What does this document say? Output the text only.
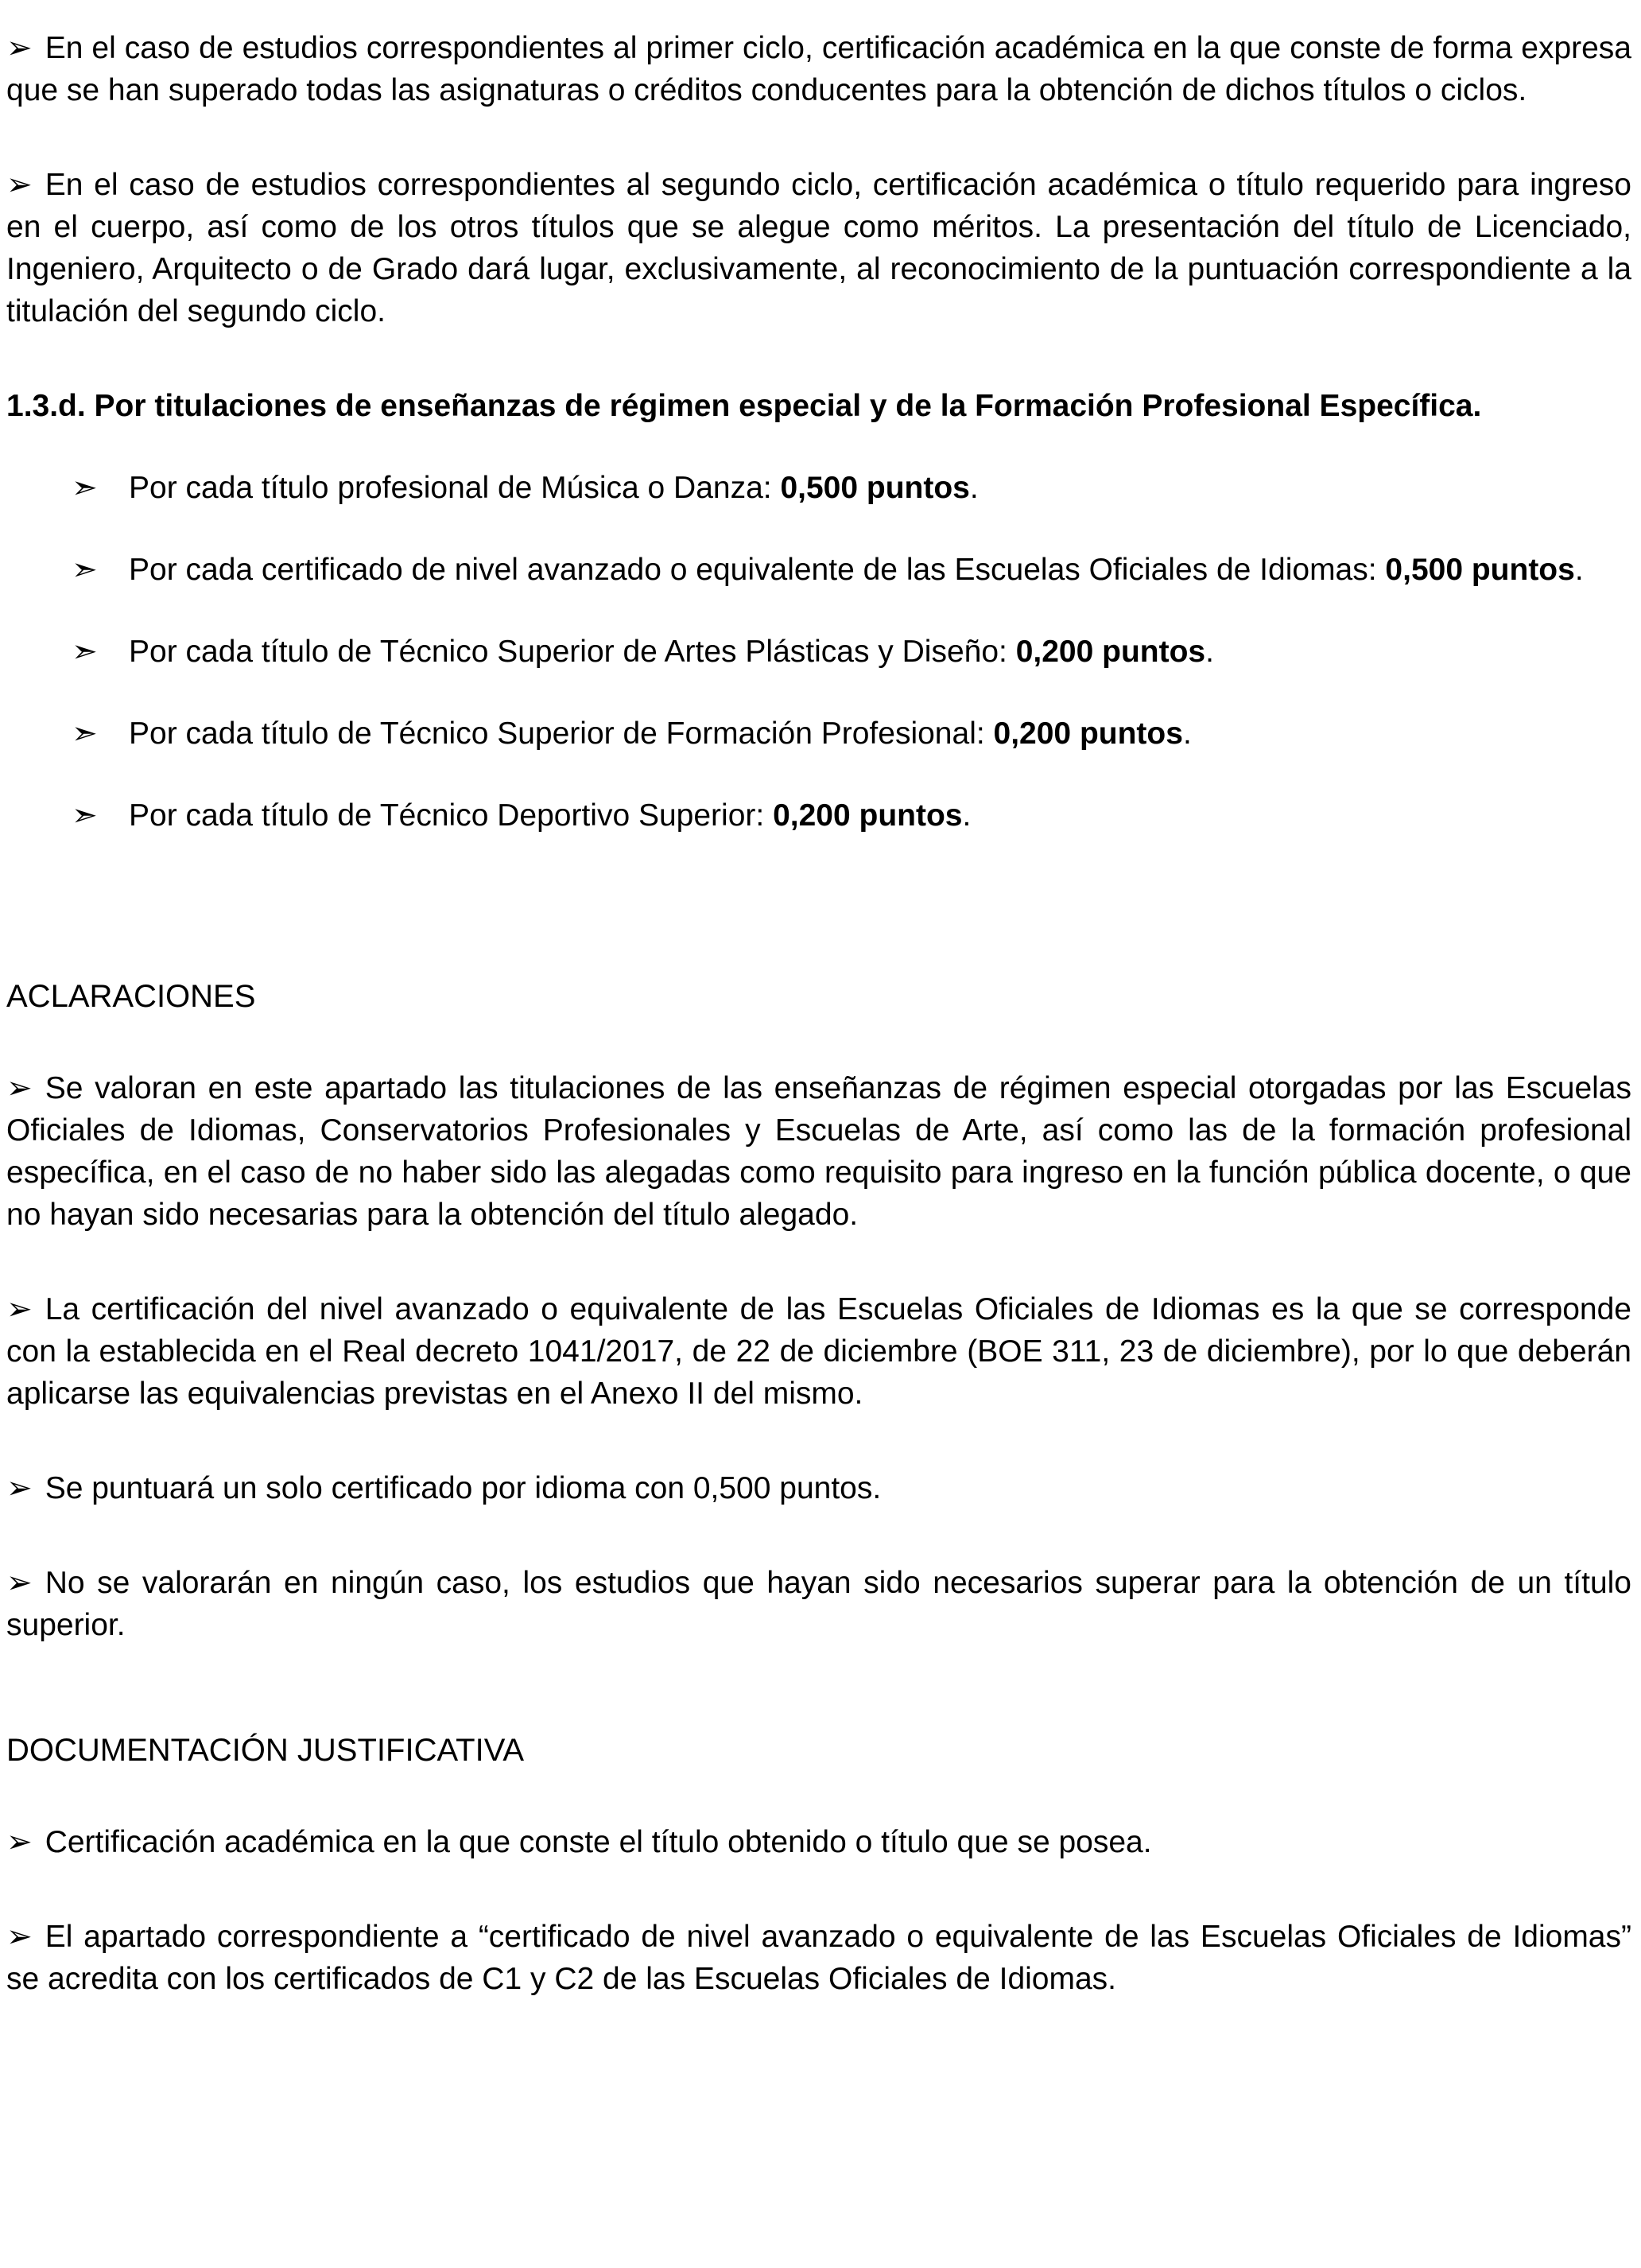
➢ En el caso de estudios correspondientes al primer ciclo, certificación académica en la que conste de forma expresa que se han superado todas las asignaturas o créditos conducentes para la obtención de dichos títulos o ciclos.

➢ En el caso de estudios correspondientes al segundo ciclo, certificación académica o título requerido para ingreso en el cuerpo, así como de los otros títulos que se alegue como méritos. La presentación del título de Licenciado, Ingeniero, Arquitecto o de Grado dará lugar, exclusivamente, al reconocimiento de la puntuación correspondiente a la titulación del segundo ciclo.

1.3.d. Por titulaciones de enseñanzas de régimen especial y de la Formación Profesional Específica.
➣ Por cada título profesional de Música o Danza: 0,500 puntos.
➣ Por cada certificado de nivel avanzado o equivalente de las Escuelas Oficiales de Idiomas: 0,500 puntos.
➣ Por cada título de Técnico Superior de Artes Plásticas y Diseño: 0,200 puntos.
➣ Por cada título de Técnico Superior de Formación Profesional: 0,200 puntos.
➣ Por cada título de Técnico Deportivo Superior: 0,200 puntos.
ACLARACIONES

➢ Se valoran en este apartado las titulaciones de las enseñanzas de régimen especial otorgadas por las Escuelas Oficiales de Idiomas, Conservatorios Profesionales y Escuelas de Arte, así como las de la formación profesional específica, en el caso de no haber sido las alegadas como requisito para ingreso en la función pública docente, o que no hayan sido necesarias para la obtención del título alegado.

➢ La certificación del nivel avanzado o equivalente de las Escuelas Oficiales de Idiomas es la que se corresponde con la establecida en el Real decreto 1041/2017, de 22 de diciembre (BOE 311, 23 de diciembre), por lo que deberán aplicarse las equivalencias previstas en el Anexo II del mismo.

➢ Se puntuará un solo certificado por idioma con 0,500 puntos.

➢ No se valorarán en ningún caso, los estudios que hayan sido necesarios superar para la obtención de un título superior.

DOCUMENTACIÓN JUSTIFICATIVA

➢ Certificación académica en la que conste el título obtenido o título que se posea.

➢ El apartado correspondiente a “certificado de nivel avanzado o equivalente de las Escuelas Oficiales de Idiomas” se acredita con los certificados de C1 y C2 de las Escuelas Oficiales de Idiomas.
